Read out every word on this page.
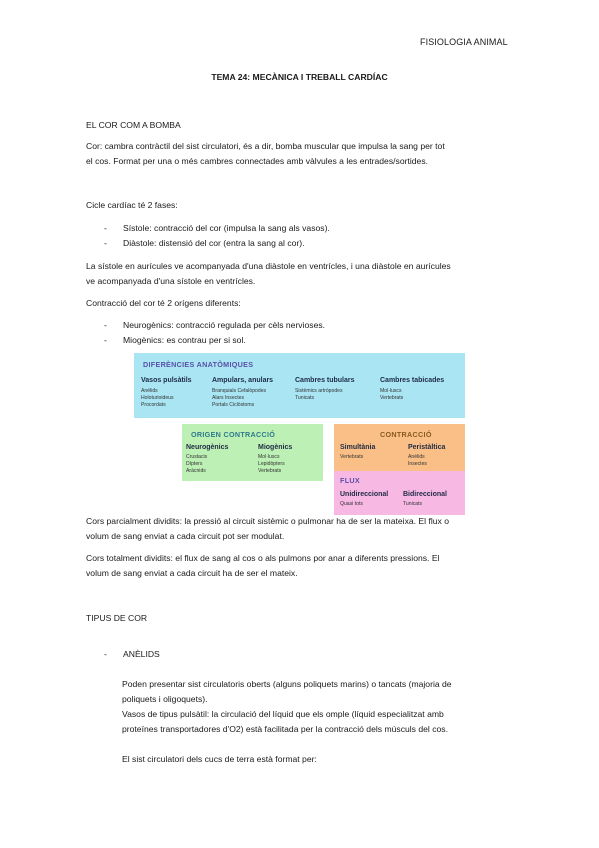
FISIOLOGIA ANIMAL
TEMA 24: MECÀNICA I TREBALL CARDÍAC
EL COR COM A BOMBA
Cor: cambra contràctil del sist circulatori, és a dir, bomba muscular que impulsa la sang per tot
el cos. Format per una o més cambres connectades amb vàlvules a les entrades/sortides.
Cicle cardíac té 2 fases:
- Sístole: contracció del cor (impulsa la sang als vasos).
- Diàstole: distensió del cor (entra la sang al cor).
La sístole en aurícules ve acompanyada d'una diàstole en ventrícles, i una diàstole en aurícules
ve acompanyada d'una sístole en ventrícles.
Contracció del cor té 2 orígens diferents:
- Neurogènics: contracció regulada per cèls nervioses.
- Miogènics: es contrau per si sol.
DIFERÈNCIES ANATÒMIQUES
Vasos pulsàtils
Anèlids
Holoturioideus
Procordats
Ampulars, anulars
Branquials Cefalòpodes
Alars Insectes
Portals Ciclòstoms
Cambres tubulars
Sistèmics artròpodes
Tunicats
Cambres tabicades
Mol·luscs
Vertebrats
ORIGEN CONTRACCIÓ
Neurogènics
Crustacis
Dípters
Aràcnids
Miogènics
Mol·luscs
Lepidòpters
Vertebrats
CONTRACCIÓ
Simultània
Vertebrats
Peristàltica
Anèlids
Insectes
FLUX
Unidireccional
Quasi tots
Bidireccional
Tunicats
Cors parcialment dividits: la pressió al circuit sistèmic o pulmonar ha de ser la mateixa. El flux o
volum de sang enviat a cada circuit pot ser modulat.
Cors totalment dividits: el flux de sang al cos o als pulmons por anar a diferents pressions. El
volum de sang enviat a cada circuit ha de ser el mateix.
TIPUS DE COR
- ANÈLIDS
Poden presentar sist circulatoris oberts (alguns poliquets marins) o tancats (majoria de
poliquets i oligoquets).
Vasos de tipus pulsàtil: la circulació del líquid que els omple (líquid especialitzat amb
proteïnes transportadores d'O2) està facilitada per la contracció dels músculs del cos.
El sist circulatori dels cucs de terra està format per:
